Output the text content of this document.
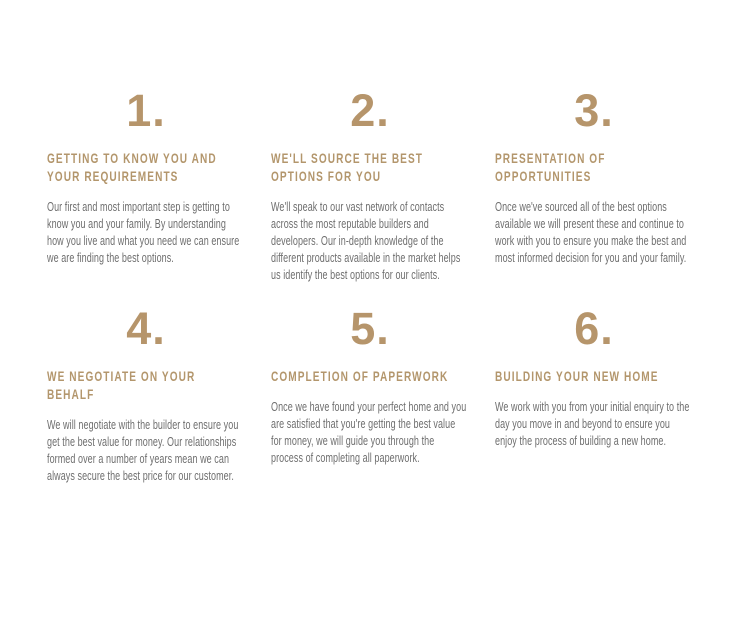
1.
GETTING TO KNOW YOU AND YOUR REQUIREMENTS
Our first and most important step is getting to know you and your family. By understanding how you live and what you need we can ensure we are finding the best options.
2.
WE'LL SOURCE THE BEST OPTIONS FOR YOU
We'll speak to our vast network of contacts across the most reputable builders and developers. Our in-depth knowledge of the different products available in the market helps us identify the best options for our clients.
3.
PRESENTATION OF OPPORTUNITIES
Once we've sourced all of the best options available we will present these and continue to work with you to ensure you make the best and most informed decision for you and your family.
4.
WE NEGOTIATE ON YOUR BEHALF
We will negotiate with the builder to ensure you get the best value for money. Our relationships formed over a number of years mean we can always secure the best price for our customer.
5.
COMPLETION OF PAPERWORK
Once we have found your perfect home and you are satisfied that you're getting the best value for money, we will guide you through the process of completing all paperwork.
6.
BUILDING YOUR NEW HOME
We work with you from your initial enquiry to the day you move in and beyond to ensure you enjoy the process of building a new home.
